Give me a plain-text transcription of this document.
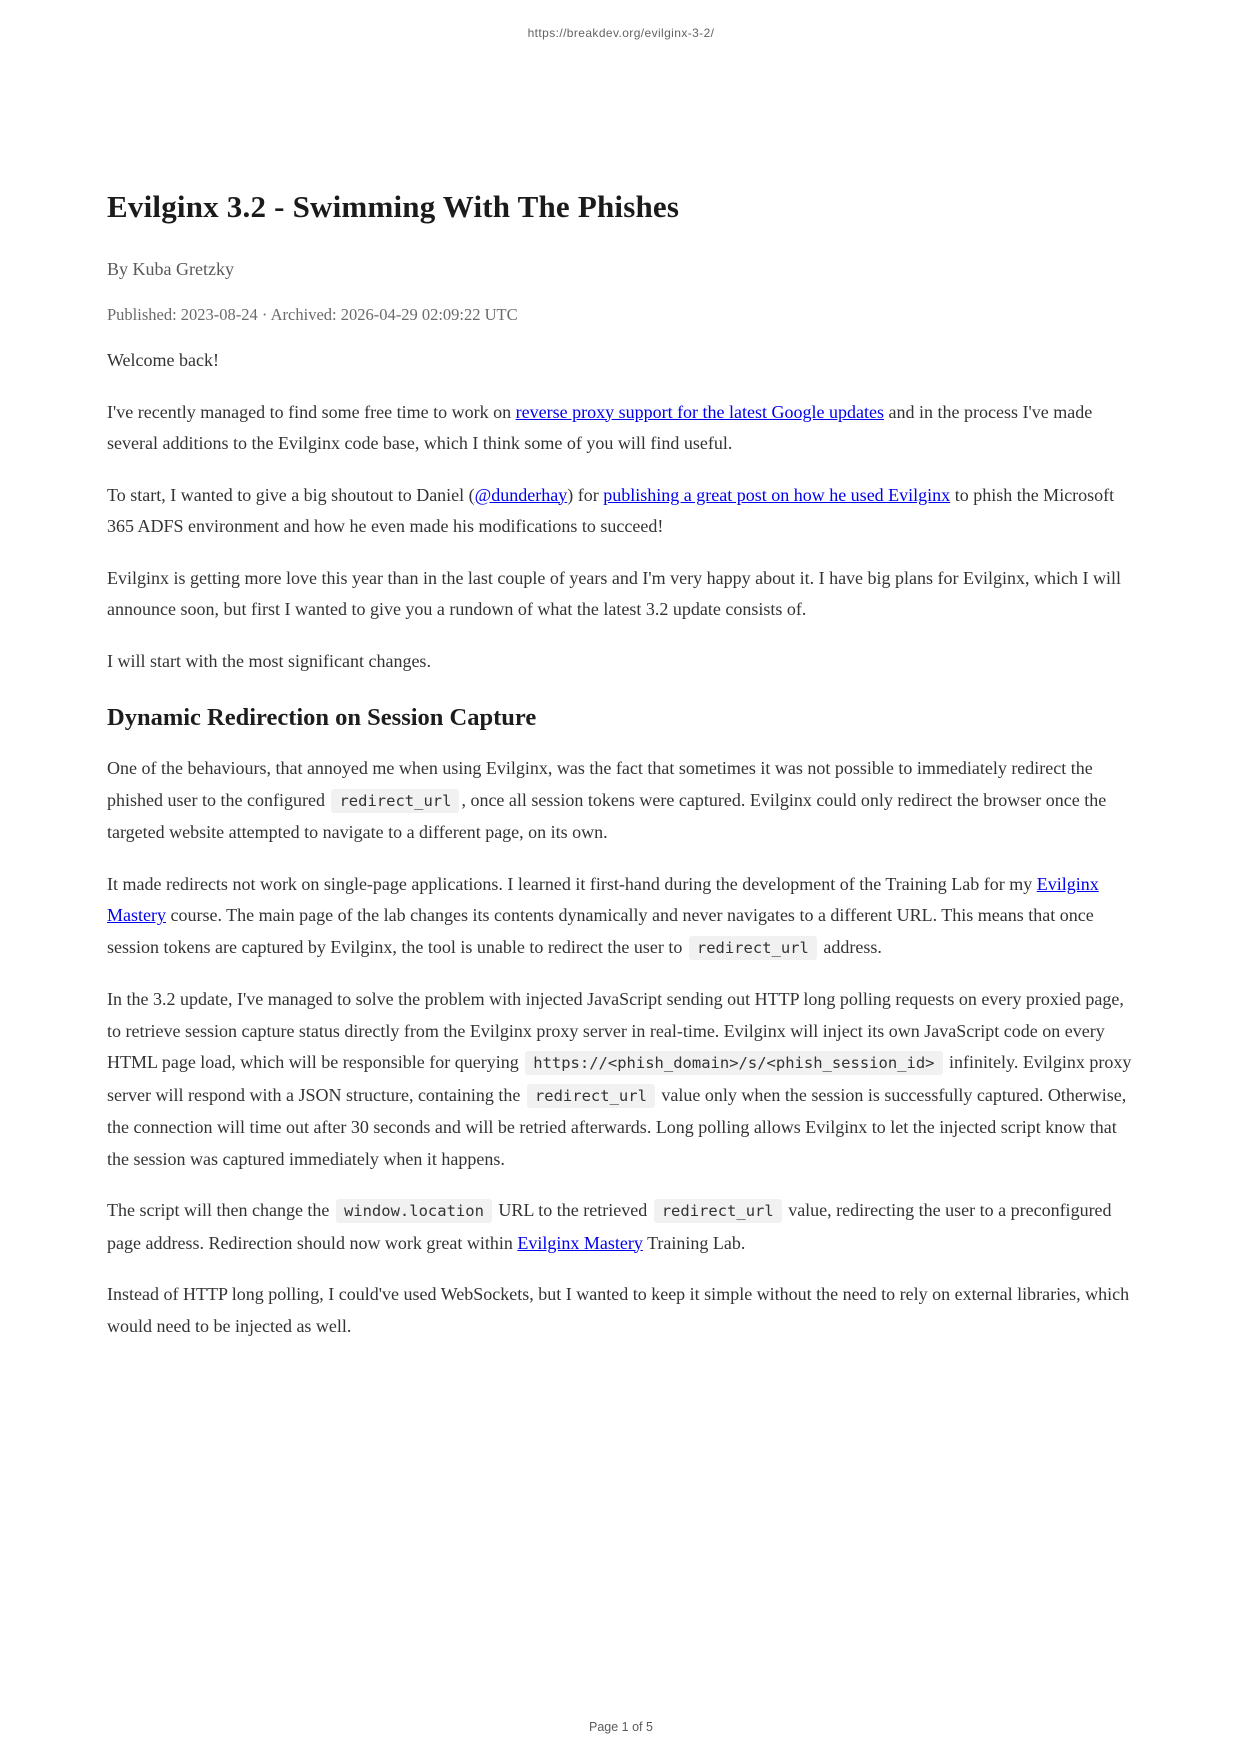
https://breakdev.org/evilginx-3-2/
Evilginx 3.2 - Swimming With The Phishes
By Kuba Gretzky
Published: 2023-08-24 · Archived: 2026-04-29 02:09:22 UTC

Welcome back!

I've recently managed to find some free time to work on reverse proxy support for the latest Google updates and in the process I've made several additions to the Evilginx code base, which I think some of you will find useful.

To start, I wanted to give a big shoutout to Daniel (@dunderhay) for publishing a great post on how he used Evilginx to phish the Microsoft 365 ADFS environment and how he even made his modifications to succeed!

Evilginx is getting more love this year than in the last couple of years and I'm very happy about it. I have big plans for Evilginx, which I will announce soon, but first I wanted to give you a rundown of what the latest 3.2 update consists of.

I will start with the most significant changes.

Dynamic Redirection on Session Capture

One of the behaviours, that annoyed me when using Evilginx, was the fact that sometimes it was not possible to immediately redirect the phished user to the configured redirect_url , once all session tokens were captured. Evilginx could only redirect the browser once the targeted website attempted to navigate to a different page, on its own.

It made redirects not work on single-page applications. I learned it first-hand during the development of the Training Lab for my Evilginx Mastery course. The main page of the lab changes its contents dynamically and never navigates to a different URL. This means that once session tokens are captured by Evilginx, the tool is unable to redirect the user to redirect_url address.

In the 3.2 update, I've managed to solve the problem with injected JavaScript sending out HTTP long polling requests on every proxied page, to retrieve session capture status directly from the Evilginx proxy server in real-time. Evilginx will inject its own JavaScript code on every HTML page load, which will be responsible for querying https://<phish_domain>/s/<phish_session_id> infinitely. Evilginx proxy server will respond with a JSON structure, containing the redirect_url value only when the session is successfully captured. Otherwise, the connection will time out after 30 seconds and will be retried afterwards. Long polling allows Evilginx to let the injected script know that the session was captured immediately when it happens.

The script will then change the window.location URL to the retrieved redirect_url value, redirecting the user to a preconfigured page address. Redirection should now work great within Evilginx Mastery Training Lab.

Instead of HTTP long polling, I could've used WebSockets, but I wanted to keep it simple without the need to rely on external libraries, which would need to be injected as well.

Page 1 of 5
